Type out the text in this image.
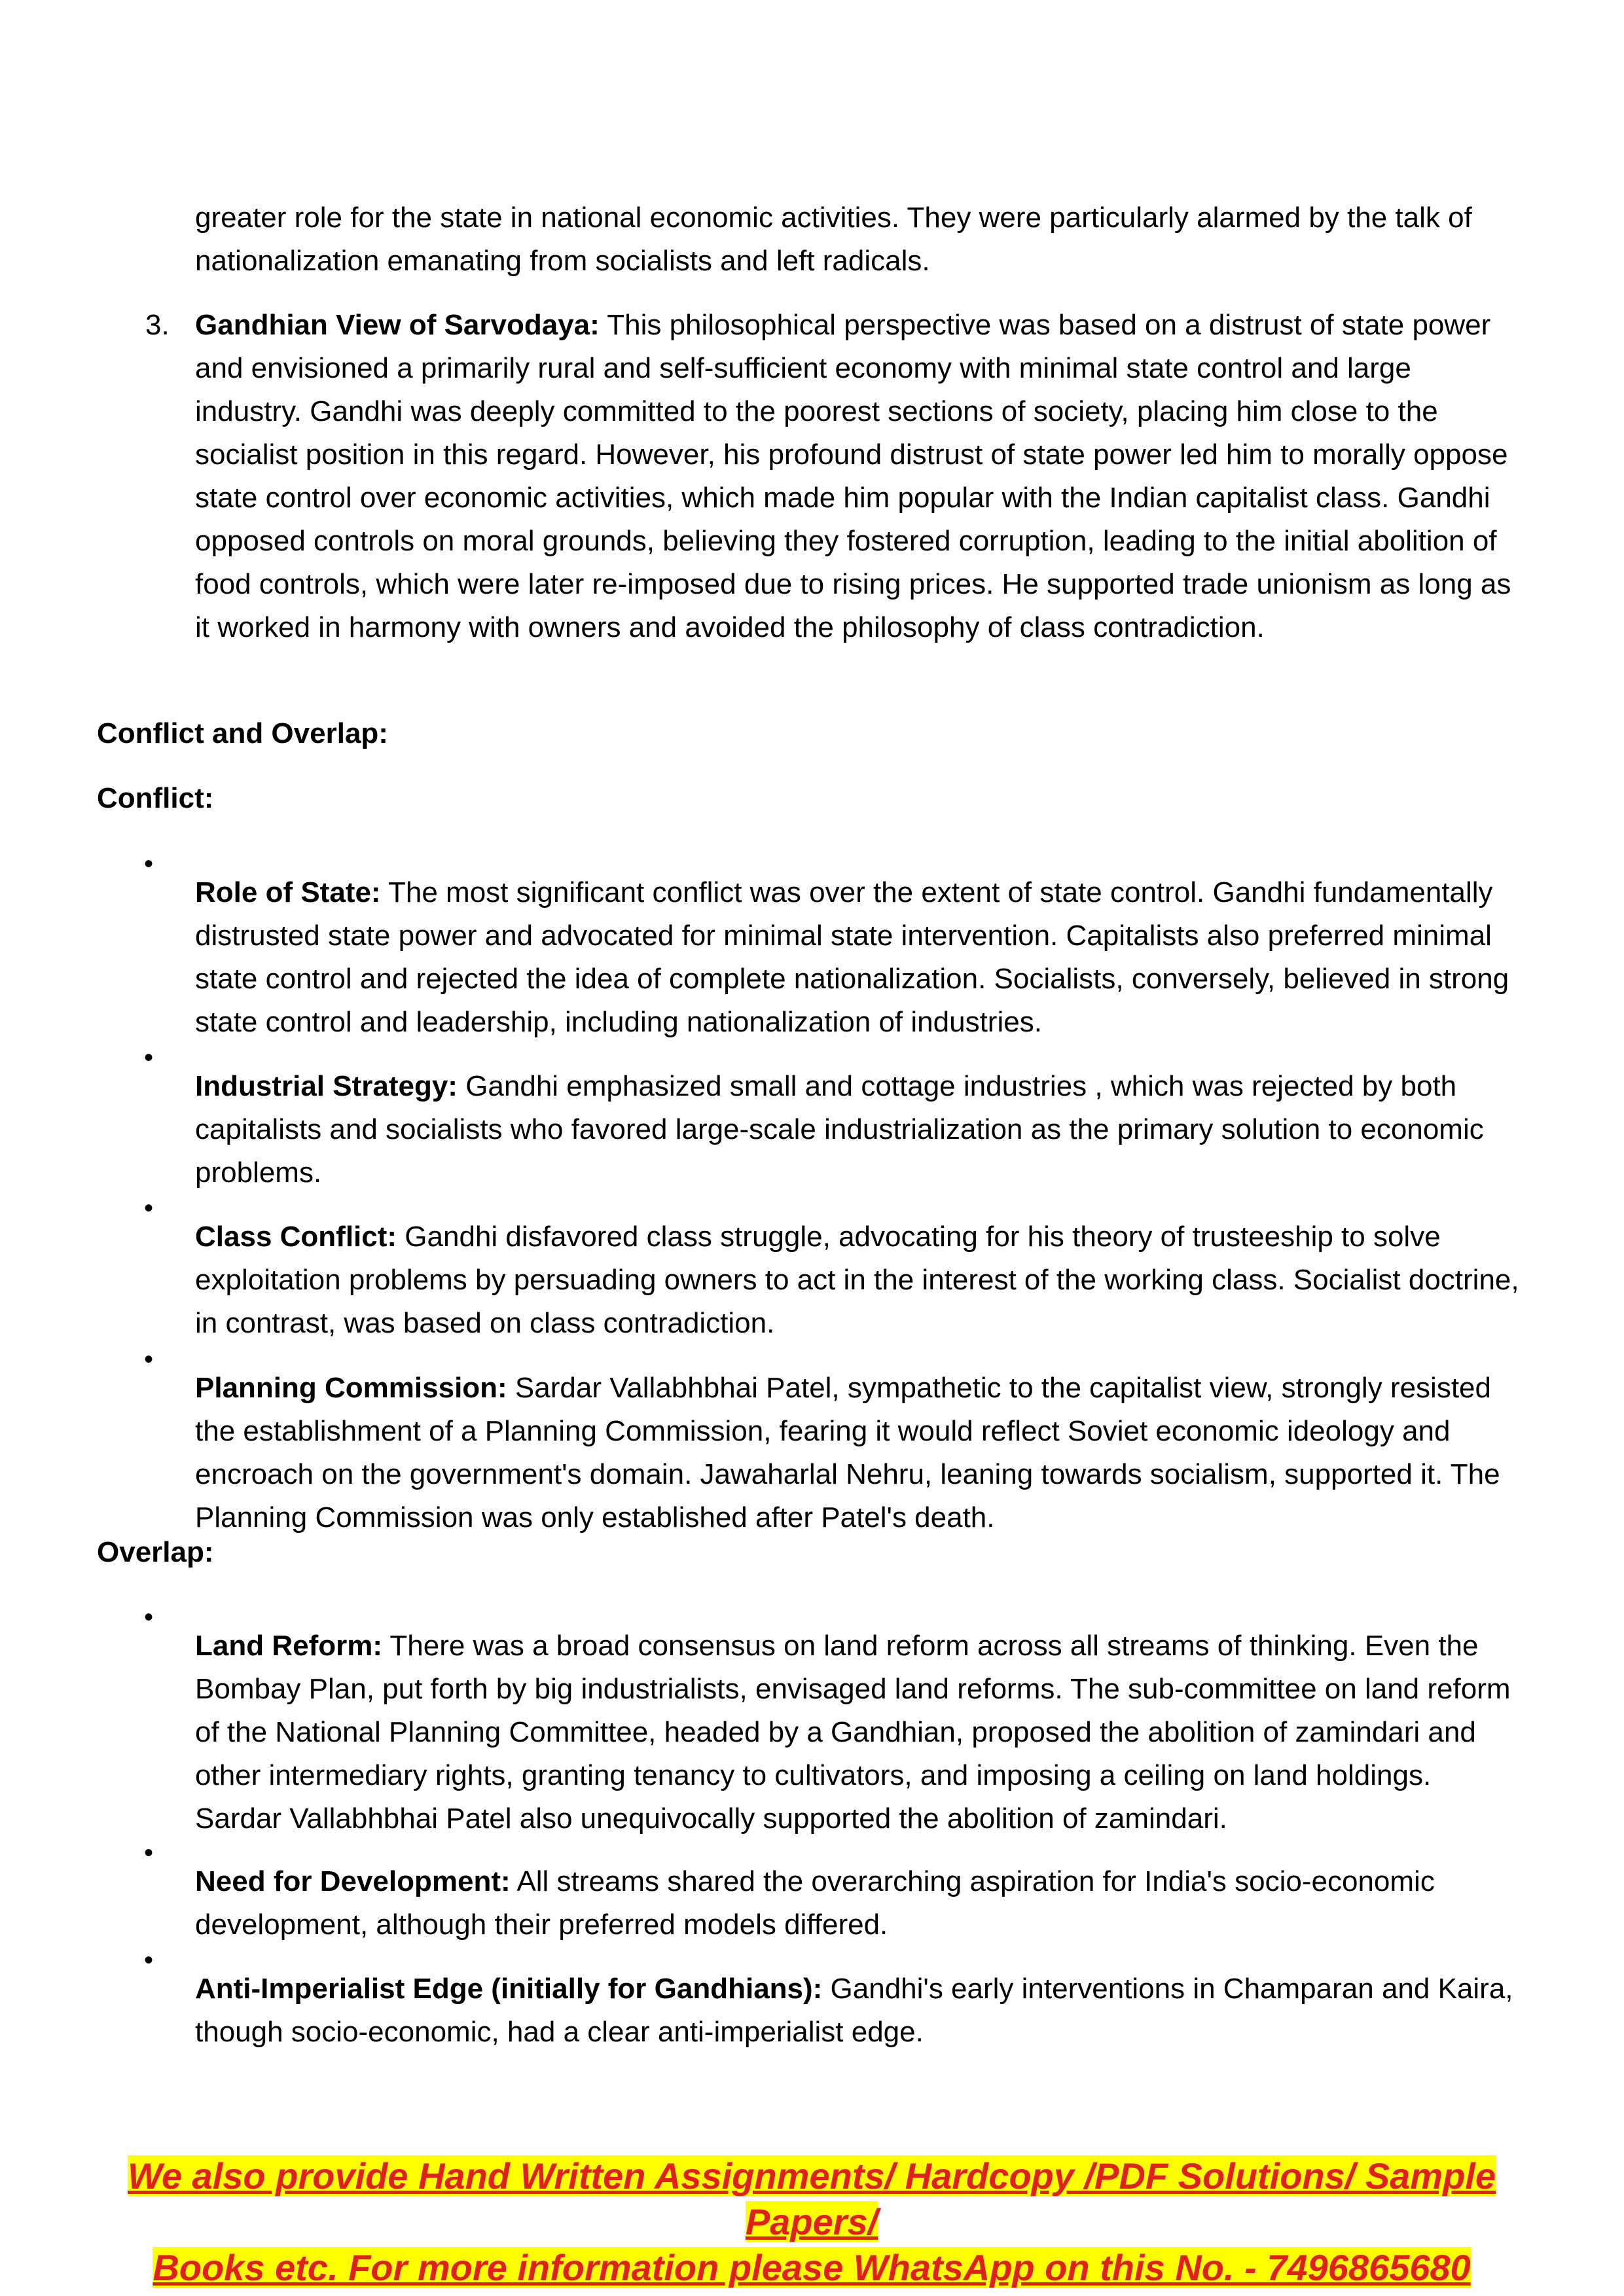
greater role for the state in national economic activities. They were particularly alarmed by the talk of nationalization emanating from socialists and left radicals.

3. Gandhian View of Sarvodaya: This philosophical perspective was based on a distrust of state power and envisioned a primarily rural and self-sufficient economy with minimal state control and large industry. Gandhi was deeply committed to the poorest sections of society, placing him close to the socialist position in this regard. However, his profound distrust of state power led him to morally oppose state control over economic activities, which made him popular with the Indian capitalist class. Gandhi opposed controls on moral grounds, believing they fostered corruption, leading to the initial abolition of food controls, which were later re-imposed due to rising prices. He supported trade unionism as long as it worked in harmony with owners and avoided the philosophy of class contradiction.

Conflict and Overlap:
Conflict:
•

Role of State: The most significant conflict was over the extent of state control. Gandhi fundamentally distrusted state power and advocated for minimal state intervention. Capitalists also preferred minimal state control and rejected the idea of complete nationalization. Socialists, conversely, believed in strong state control and leadership, including nationalization of industries.

•

Industrial Strategy: Gandhi emphasized small and cottage industries , which was rejected by both capitalists and socialists who favored large-scale industrialization as the primary solution to economic problems.

•

Class Conflict: Gandhi disfavored class struggle, advocating for his theory of trusteeship to solve exploitation problems by persuading owners to act in the interest of the working class. Socialist doctrine, in contrast, was based on class contradiction.

•

Planning Commission: Sardar Vallabhbhai Patel, sympathetic to the capitalist view, strongly resisted the establishment of a Planning Commission, fearing it would reflect Soviet economic ideology and encroach on the government's domain. Jawaharlal Nehru, leaning towards socialism, supported it. The Planning Commission was only established after Patel's death.

Overlap:
•

Land Reform: There was a broad consensus on land reform across all streams of thinking. Even the Bombay Plan, put forth by big industrialists, envisaged land reforms. The sub-committee on land reform of the National Planning Committee, headed by a Gandhian, proposed the abolition of zamindari and other intermediary rights, granting tenancy to cultivators, and imposing a ceiling on land holdings. Sardar Vallabhbhai Patel also unequivocally supported the abolition of zamindari.

•

Need for Development: All streams shared the overarching aspiration for India's socio-economic development, although their preferred models differed.

•

Anti-Imperialist Edge (initially for Gandhians): Gandhi's early interventions in Champaran and Kaira, though socio-economic, had a clear anti-imperialist edge.

We also provide Hand Written Assignments/ Hardcopy /PDF Solutions/ Sample Papers/
Books etc. For more information please WhatsApp on this No. - 7496865680
